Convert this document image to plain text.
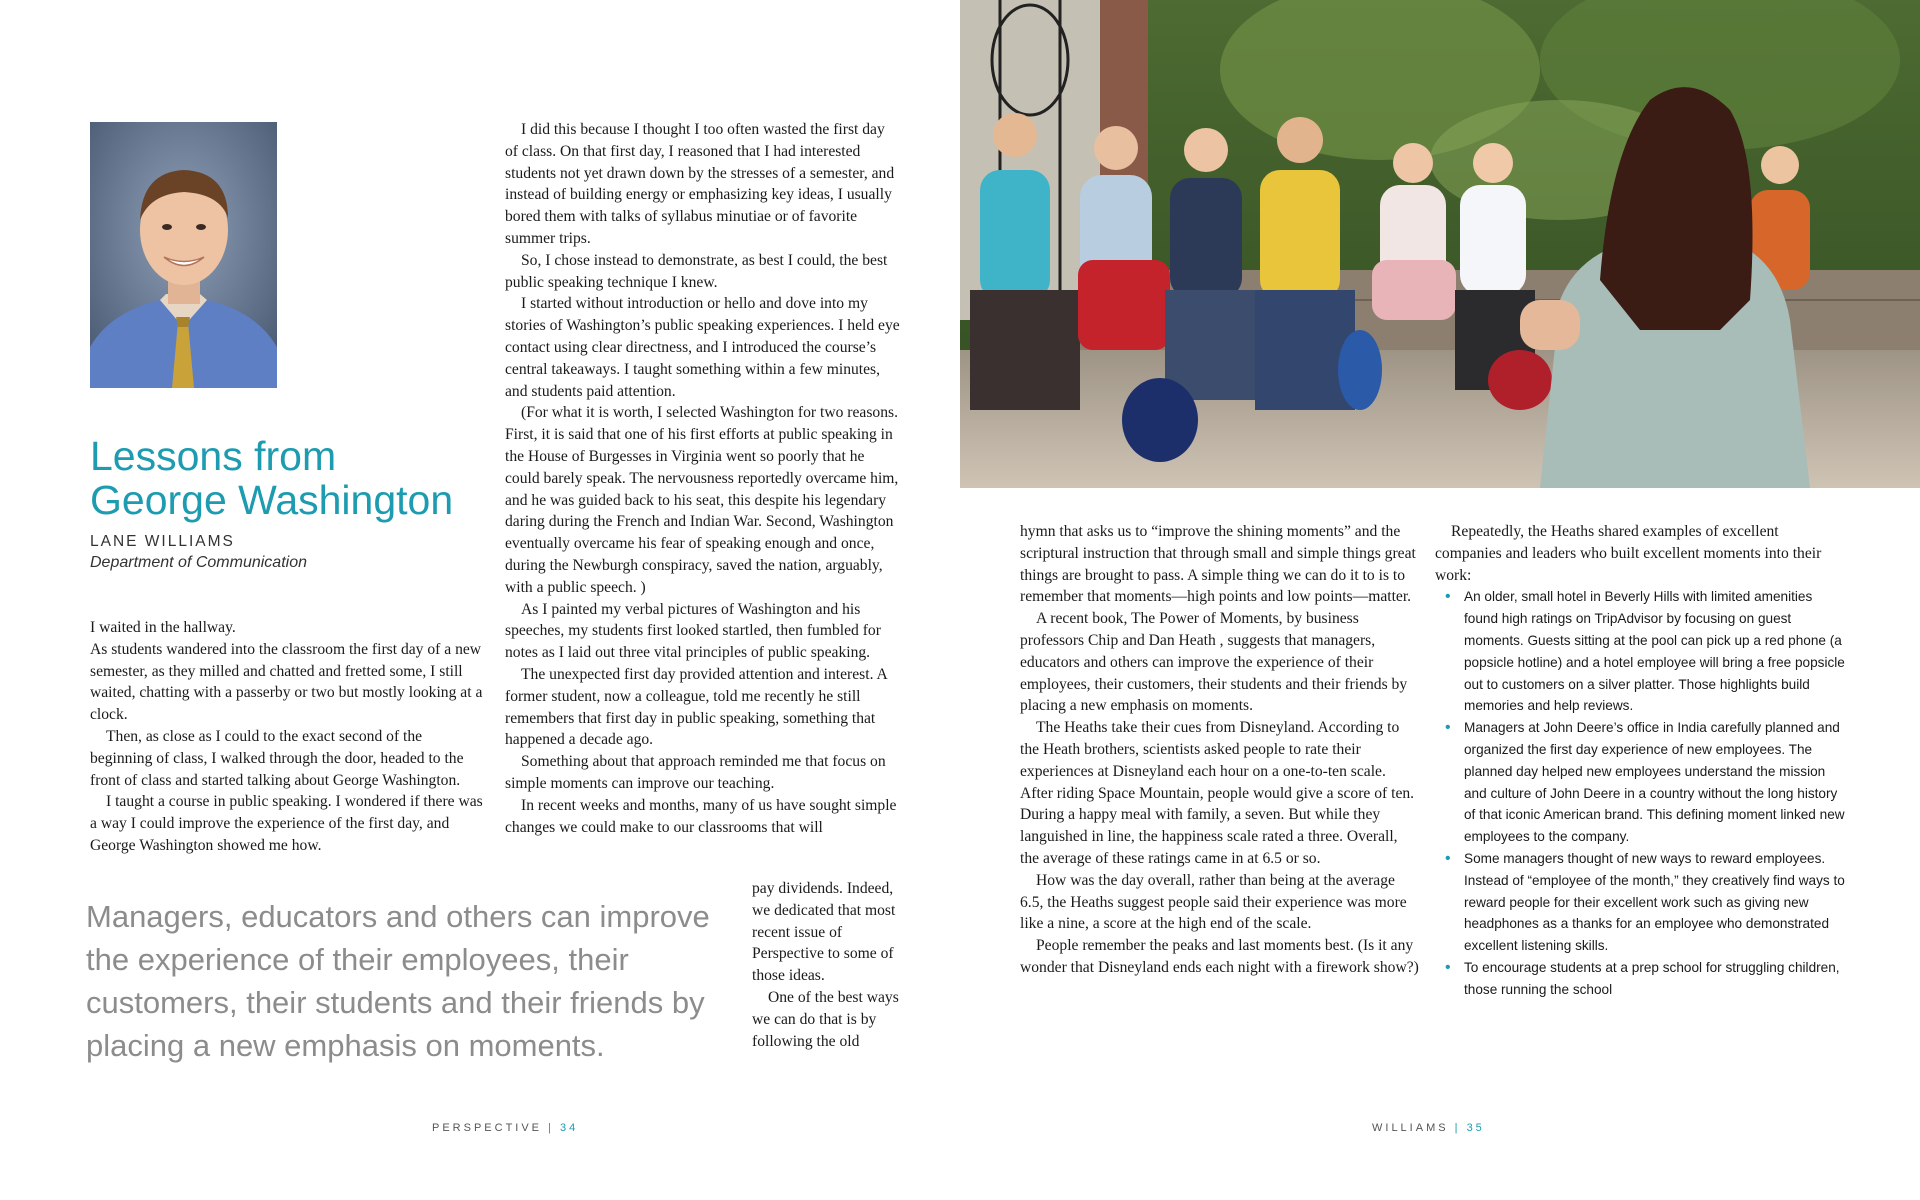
Lessons from
George Washington
LANE WILLIAMS
Department of Communication

I waited in the hallway.

As students wandered into the classroom the first day of a new semester, as they milled and chatted and fretted some, I still waited, chatting with a passerby or two but mostly looking at a clock.

Then, as close as I could to the exact second of the beginning of class, I walked through the door, headed to the front of class and started talking about George Washington.

I taught a course in public speaking. I wondered if there was a way I could improve the experience of the first day, and George Washington showed me how.

I did this because I thought I too often wasted the first day of class. On that first day, I reasoned that I had interested students not yet drawn down by the stresses of a semester, and instead of building energy or emphasizing key ideas, I usually bored them with talks of syllabus minutiae or of favorite summer trips.

So, I chose instead to demonstrate, as best I could, the best public speaking technique I knew.

I started without introduction or hello and dove into my stories of Washington’s public speaking experiences. I held eye contact using clear directness, and I introduced the course’s central takeaways. I taught something within a few minutes, and students paid attention.

(For what it is worth, I selected Washington for two reasons. First, it is said that one of his first efforts at public speaking in the House of Burgesses in Virginia went so poorly that he could barely speak. The nervousness reportedly overcame him, and he was guided back to his seat, this despite his legendary daring during the French and Indian War. Second, Washington eventually overcame his fear of speaking enough and once, during the Newburgh conspiracy, saved the nation, arguably, with a public speech. )

As I painted my verbal pictures of Washington and his speeches, my students first looked startled, then fumbled for notes as I laid out three vital principles of public speaking.

The unexpected first day provided attention and interest. A former student, now a colleague, told me recently he still remembers that first day in public speaking, something that happened a decade ago.

Something about that approach reminded me that focus on simple moments can improve our teaching.

In recent weeks and months, many of us have sought simple changes we could make to our classrooms that will

pay dividends. Indeed, we dedicated that most recent issue of Perspective to some of those ideas.

One of the best ways we can do that is by following the old

Managers, educators and others can improve the experience of their employees, their customers, their students and their friends by placing a new emphasis on moments.
PERSPECTIVE | 34

hymn that asks us to “improve the shining moments” and the scriptural instruction that through small and simple things great things are brought to pass. A simple thing we can do it to is to remember that moments—high points and low points—matter.

A recent book, The Power of Moments, by business professors Chip and Dan Heath , suggests that managers, educators and others can improve the experience of their employees, their customers, their students and their friends by placing a new emphasis on moments.

The Heaths take their cues from Disneyland. According to the Heath brothers, scientists asked people to rate their experiences at Disneyland each hour on a one-to-ten scale. After riding Space Mountain, people would give a score of ten. During a happy meal with family, a seven. But while they languished in line, the happiness scale rated a three. Overall, the average of these ratings came in at 6.5 or so.

How was the day overall, rather than being at the average 6.5, the Heaths suggest people said their experience was more like a nine, a score at the high end of the scale.

People remember the peaks and last moments best. (Is it any wonder that Disneyland ends each night with a firework show?)

Repeatedly, the Heaths shared examples of excellent companies and leaders who built excellent moments into their work:

• An older, small hotel in Beverly Hills with limited amenities found high ratings on TripAdvisor by focusing on guest moments. Guests sitting at the pool can pick up a red phone (a popsicle hotline) and a hotel employee will bring a free popsicle out to customers on a silver platter. Those highlights build memories and help reviews.
• Managers at John Deere’s office in India carefully planned and organized the first day experience of new employees. The planned day helped new employees understand the mission and culture of John Deere in a country without the long history of that iconic American brand. This defining moment linked new employees to the company.
• Some managers thought of new ways to reward employees. Instead of “employee of the month,” they creatively find ways to reward people for their excellent work such as giving new headphones as a thanks for an employee who demonstrated excellent listening skills.
• To encourage students at a prep school for struggling children, those running the school
WILLIAMS | 35
